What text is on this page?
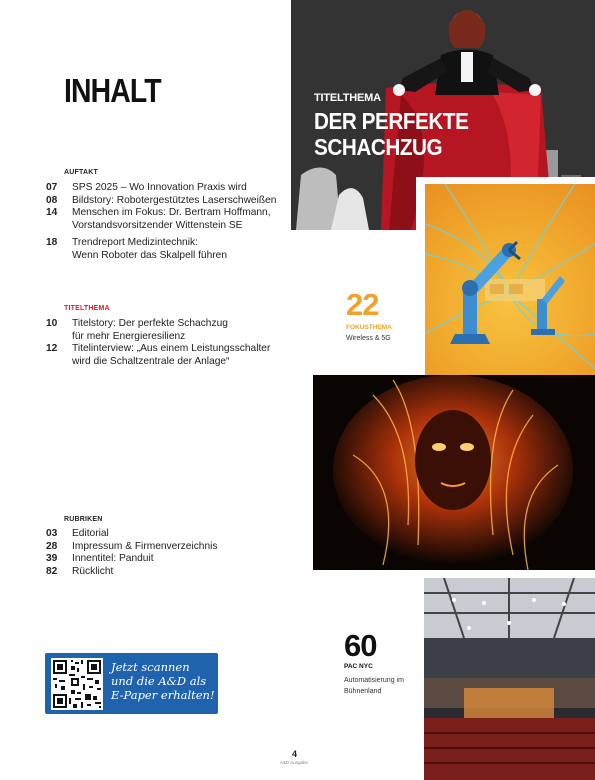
INHALT
AUFTAKT
07	SPS 2025 – Wo Innovation Praxis wird
08	Bildstory: Robotergestütztes Laserschweißen
14	Menschen im Fokus: Dr. Bertram Hoffmann,
Vorstandsvorsitzender Wittenstein SE
18	Trendreport Medizintechnik:
Wenn Roboter das Skalpell führen
TITELTHEMA
10	Titelstory: Der perfekte Schachzug
für mehr Energieresilienz
12	Titelinterview: „Aus einem Leistungsschalter
wird die Schaltzentrale der Anlage“
RUBRIKEN
03	Editorial
28	Impressum & Firmenverzeichnis
39	Innentitel: Panduit
82	Rücklicht
TITELTHEMA
DER PERFEKTE
SCHACHZUG
22
FOKUSTHEMA
Wireless & 5G
60
PAC NYC
Automatisierung im
Bühnenland
Jetzt scannen
und die A&D als
E-Paper erhalten!
4
A&D Ausgabe
